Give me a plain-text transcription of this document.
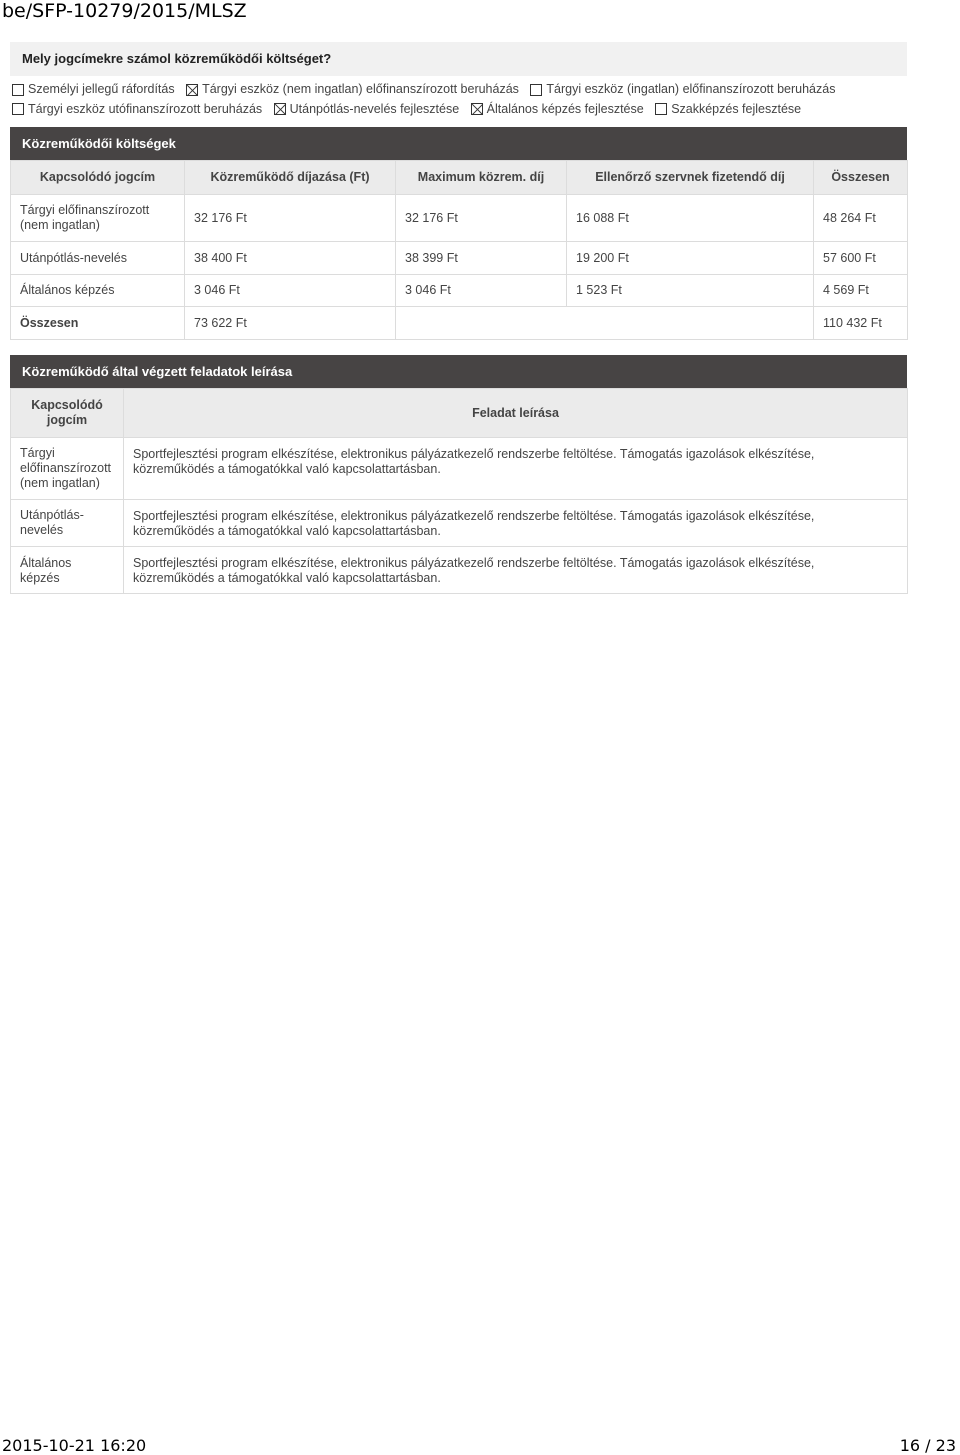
be/SFP-10279/2015/MLSZ
Mely jogcímekre számol közreműködői költséget?
Személyi jellegű ráfordítás
Tárgyi eszköz (nem ingatlan) előfinanszírozott beruházás
Tárgyi eszköz (ingatlan) előfinanszírozott beruházás
Tárgyi eszköz utófinanszírozott beruházás
Utánpótlás-nevelés fejlesztése
Általános képzés fejlesztése
Szakképzés fejlesztése
Közreműködői költségek
Kapcsolódó jogcím	Közreműködő díjazása (Ft)	Maximum közrem. díj	Ellenőrző szervnek fizetendő díj	Összesen
Tárgyi előfinanszírozott (nem ingatlan)	32 176 Ft	32 176 Ft	16 088 Ft	48 264 Ft
Utánpótlás-nevelés	38 400 Ft	38 399 Ft	19 200 Ft	57 600 Ft
Általános képzés	3 046 Ft	3 046 Ft	1 523 Ft	4 569 Ft
Összesen	73 622 Ft			110 432 Ft
Közreműködő által végzett feladatok leírása
Kapcsolódó jogcím	Feladat leírása
Tárgyi előfinanszírozott (nem ingatlan)	Sportfejlesztési program elkészítése, elektronikus pályázatkezelő rendszerbe feltöltése. Támogatás igazolások elkészítése, közreműködés a támogatókkal való kapcsolattartásban.
Utánpótlás-nevelés	Sportfejlesztési program elkészítése, elektronikus pályázatkezelő rendszerbe feltöltése. Támogatás igazolások elkészítése, közreműködés a támogatókkal való kapcsolattartásban.
Általános képzés	Sportfejlesztési program elkészítése, elektronikus pályázatkezelő rendszerbe feltöltése. Támogatás igazolások elkészítése, közreműködés a támogatókkal való kapcsolattartásban.
2015-10-21 16:20	16 / 23
